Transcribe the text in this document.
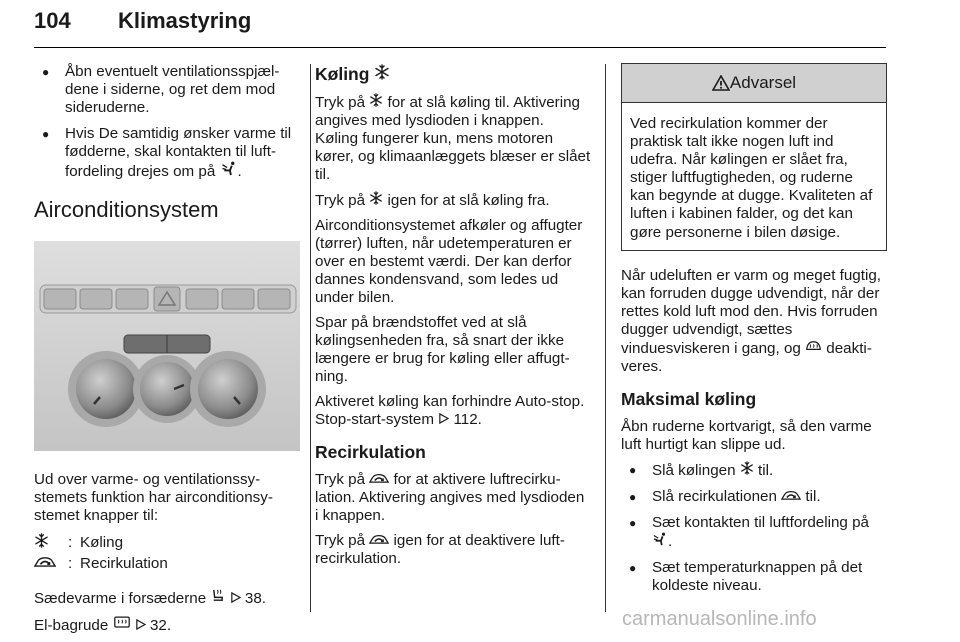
104 Klimastyring
● Åbn eventuelt ventilationsspjældene i siderne, og ret dem mod sideruderne.
● Hvis De samtidig ønsker varme til fødderne, skal kontakten til luftfordeling drejes om på .
Airconditionsystem

Ud over varme- og ventilationssystemets funktion har airconditionsystemet knapper til:

: Køling
: Recirkulation

Sædevarme i forsæderne   38.

El-bagrude   32.

Køling

Tryk på  for at slå køling til. Aktivering angives med lysdioden i knappen. Køling fungerer kun, mens motoren kører, og klimaanlæggets blæser er slået til.

Tryk på  igen for at slå køling fra.

Airconditionsystemet afkøler og affugter (tørrer) luften, når udetemperaturen er over en bestemt værdi. Der kan derfor dannes kondensvand, som ledes ud under bilen.

Spar på brændstoffet ved at slå kølingsenheden fra, så snart der ikke længere er brug for køling eller affugtning.

Aktiveret køling kan forhindre Auto-stop. Stop-start-system  112.

Recirkulation

Tryk på  for at aktivere luftrecirkulation. Aktivering angives med lysdioden i knappen.

Tryk på  igen for at deaktivere luftrecirkulation.

Advarsel
Ved recirkulation kommer der praktisk talt ikke nogen luft ind udefra. Når kølingen er slået fra, stiger luftfugtigheden, og ruderne kan begynde at dugge. Kvaliteten af luften i kabinen falder, og det kan gøre personerne i bilen døsige.

Når udeluften er varm og meget fugtig, kan forruden dugge udvendigt, når der rettes kold luft mod den. Hvis forruden dugger udvendigt, sættes vinduesviskeren i gang, og  deaktiveres.

Maksimal køling

Åbn ruderne kortvarigt, så den varme luft hurtigt kan slippe ud.

● Slå kølingen  til.
● Slå recirkulationen  til.
● Sæt kontakten til luftfordeling på .
● Sæt temperaturknappen på det koldeste niveau.
carmanualsonline.info
